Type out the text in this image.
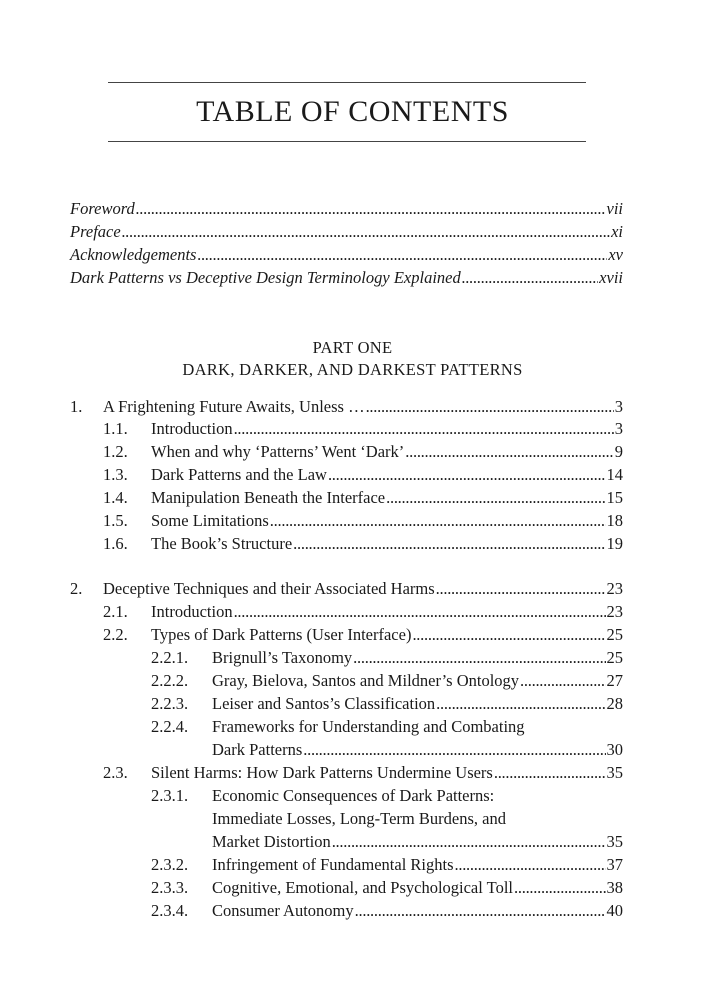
TABLE OF CONTENTS
Foreword . . .	vii
Preface . . .	xi
Acknowledgements . . .	xv
Dark Patterns vs Deceptive Design Terminology Explained . . .	xvii
PART ONE
DARK, DARKER, AND DARKEST PATTERNS
1.	A Frightening Future Awaits, Unless … . . .	3
1.1.	Introduction . . .	3
1.2.	When and why ‘Patterns’ Went ‘Dark’ . . .	9
1.3.	Dark Patterns and the Law . . .	14
1.4.	Manipulation Beneath the Interface . . .	15
1.5.	Some Limitations . . .	18
1.6.	The Book’s Structure . . .	19
2.	Deceptive Techniques and their Associated Harms . . .	23
2.1.	Introduction . . .	23
2.2.	Types of Dark Patterns (User Interface) . . .	25
2.2.1.	Brignull’s Taxonomy . . .	25
2.2.2.	Gray, Bielova, Santos and Mildner’s Ontology . . .	27
2.2.3.	Leiser and Santos’s Classification . . .	28
2.2.4. Frameworks for Understanding and Combating
Dark Patterns . . .	30
2.3.	Silent Harms: How Dark Patterns Undermine Users . . .	35
2.3.1. Economic Consequences of Dark Patterns:
Immediate Losses, Long-Term Burdens, and
Market Distortion . . .	35
2.3.2.	Infringement of Fundamental Rights . . .	37
2.3.3.	Cognitive, Emotional, and Psychological Toll . . .	38
2.3.4.	Consumer Autonomy . . .	40
